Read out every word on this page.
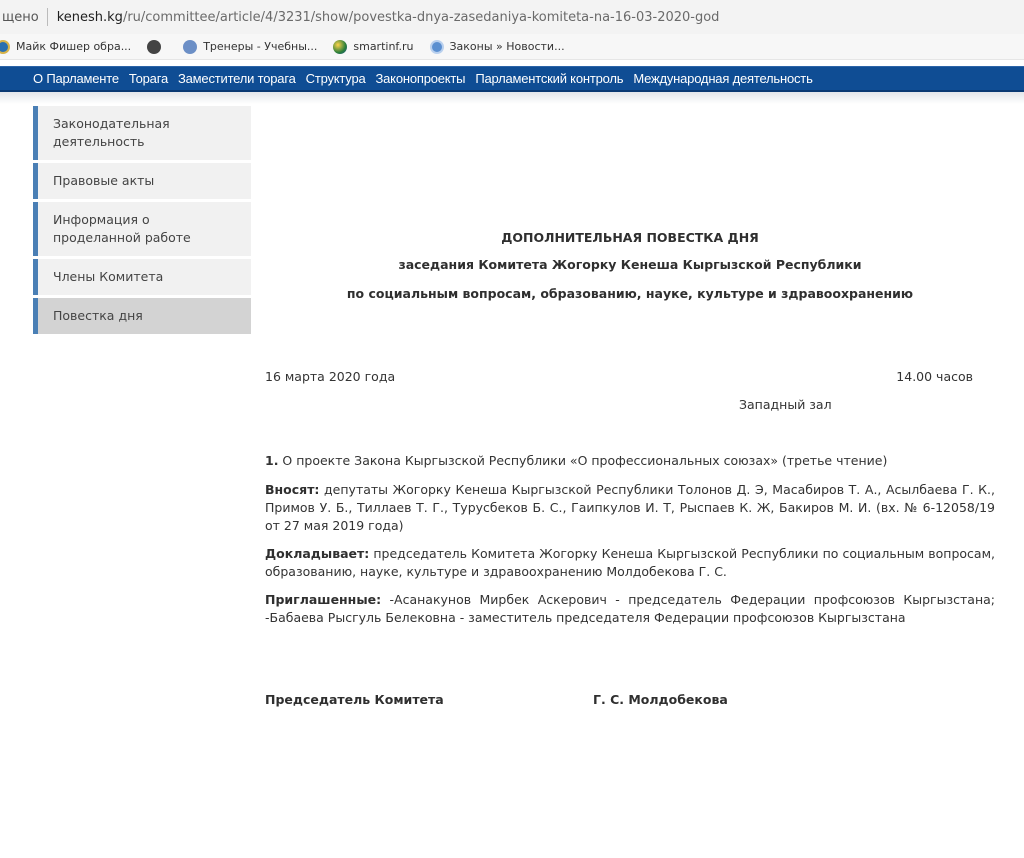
щено kenesh.kg /ru/committee/article/4/3231/show/povestka-dnya-zasedaniya-komiteta-na-16-03-2020-god
Майк Фишер обра...	Тренеры - Учебны...	smartinf.ru	Законы » Новости...
О Парламенте Торага Заместители торага Структура Законопроекты Парламентский контроль Международная деятельность
Законодательная деятельность
Правовые акты
Информация о проделанной работе
Члены Комитета
Повестка дня
ДОПОЛНИТЕЛЬНАЯ ПОВЕСТКА ДНЯ
заседания Комитета Жогорку Кенеша Кыргызской Республики
по социальным вопросам, образованию, науке, культуре и здравоохранению
16 марта 2020 года	14.00 часов
Западный зал
1. О проекте Закона Кыргызской Республики «О профессиональных союзах» (третье чтение)
Вносят: депутаты Жогорку Кенеша Кыргызской Республики Толонов Д. Э, Масабиров Т. А., Асылбаева Г. К., Примов У. Б., Тиллаев Т. Г., Турусбеков Б. С., Гаипкулов И. Т, Рыспаев К. Ж, Бакиров М. И. (вх. № 6-12058/19 от 27 мая 2019 года)
Докладывает: председатель Комитета Жогорку Кенеша Кыргызской Республики по социальным вопросам, образованию, науке, культуре и здравоохранению Молдобекова Г. С.
Приглашенные: -Асанакунов Мирбек Аскерович - председатель Федерации профсоюзов Кыргызстана; -Бабаева Рысгуль Белековна - заместитель председателя Федерации профсоюзов Кыргызстана
Председатель Комитета	Г. С. Молдобекова
